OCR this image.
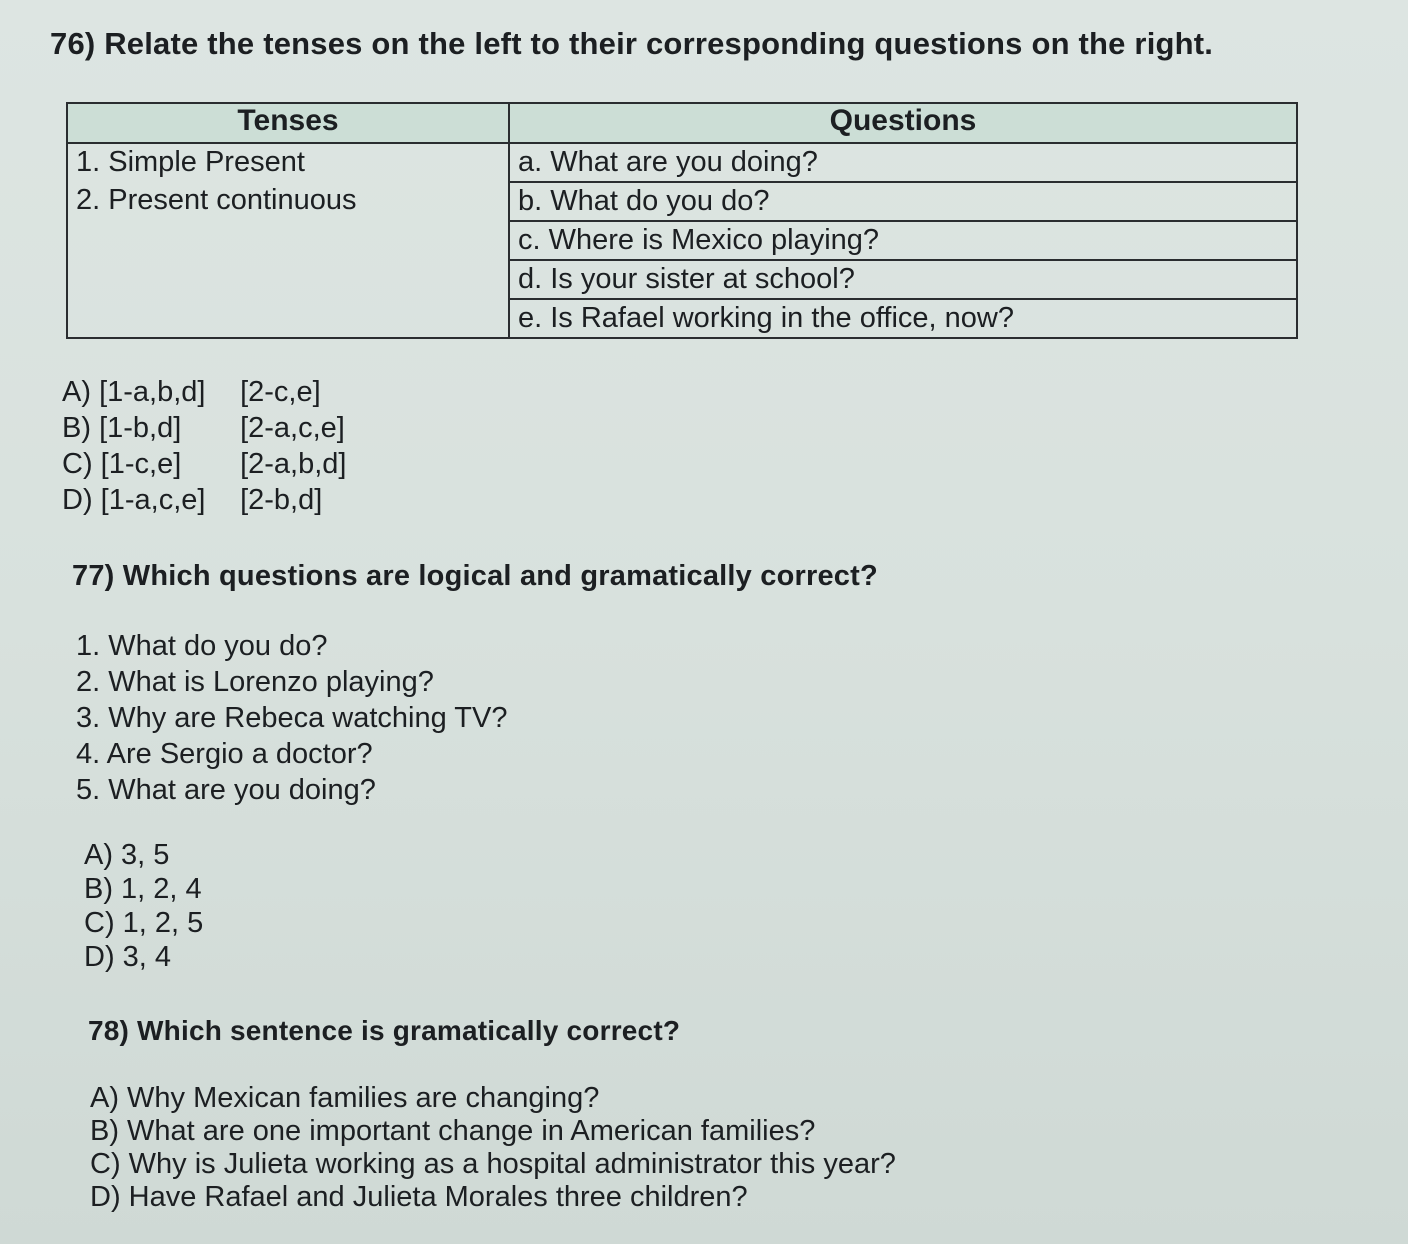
76) Relate the tenses on the left to their corresponding questions on the right.
Tenses	Questions
1. Simple Present	a. What are you doing?
2. Present continuous	b. What do you do?
	c. Where is Mexico playing?
	d. Is your sister at school?
	e. Is Rafael working in the office, now?
A) [1-a,b,d] [2-c,e]
B) [1-b,d] [2-a,c,e]
C) [1-c,e] [2-a,b,d]
D) [1-a,c,e] [2-b,d]
77) Which questions are logical and gramatically correct?
1. What do you do?
2. What is Lorenzo playing?
3. Why are Rebeca watching TV?
4. Are Sergio a doctor?
5. What are you doing?
A) 3, 5
B) 1, 2, 4
C) 1, 2, 5
D) 3, 4
78) Which sentence is gramatically correct?
A) Why Mexican families are changing?
B) What are one important change in American families?
C) Why is Julieta working as a hospital administrator this year?
D) Have Rafael and Julieta Morales three children?
